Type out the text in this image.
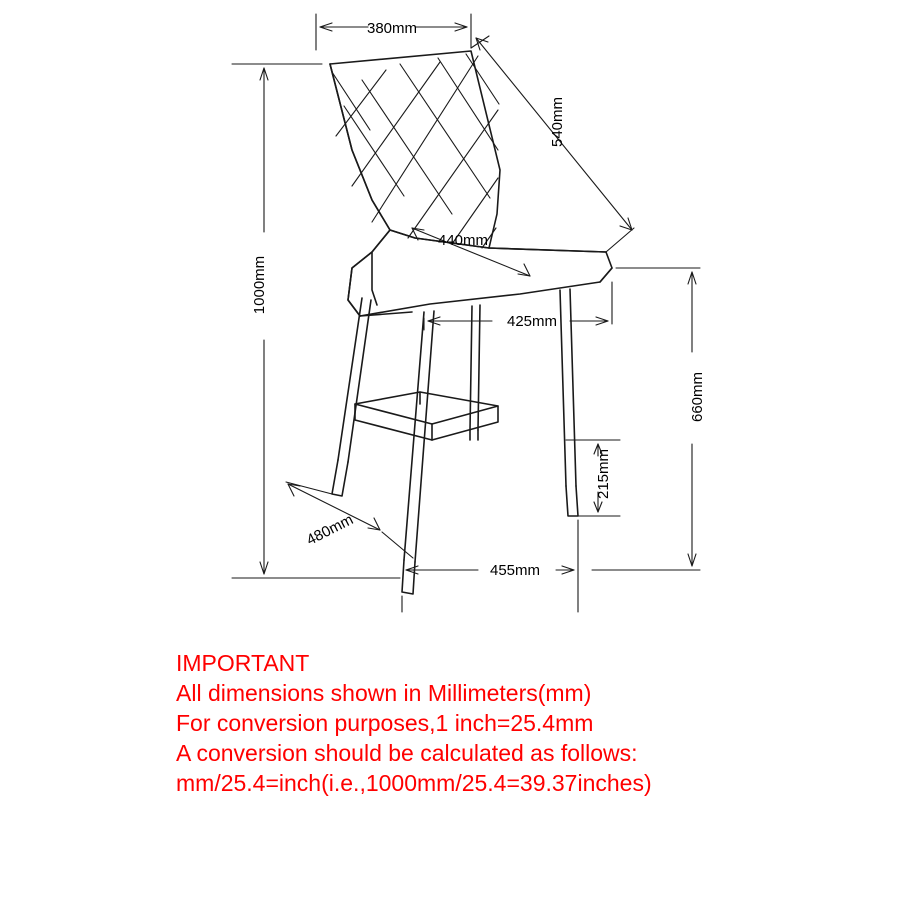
380mm
540mm
440mm
1000mm
425mm
660mm
215mm
480mm
455mm
IMPORTANT
All dimensions shown in Millimeters(mm)
For conversion purposes,1 inch=25.4mm
A conversion should be calculated as follows:
mm/25.4=inch(i.e.,1000mm/25.4=39.37inches)
